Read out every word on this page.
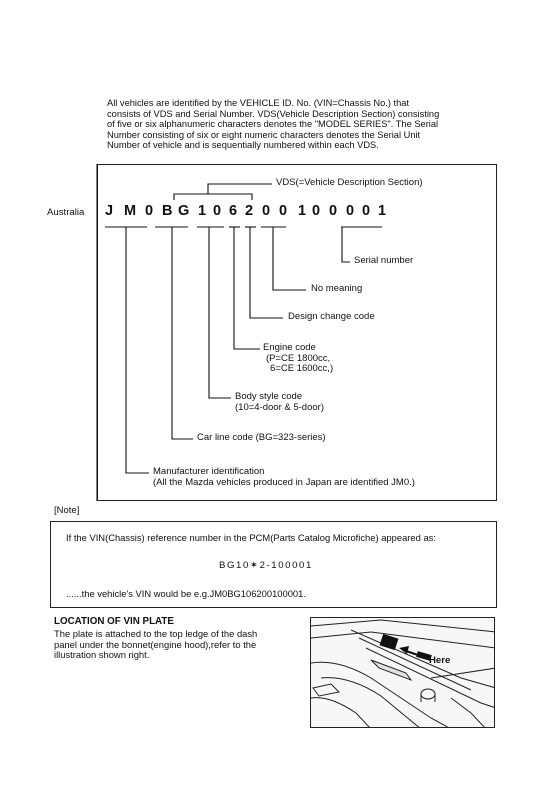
All vehicles are identified by the VEHICLE ID. No. (VIN=Chassis No.) that
consists of VDS and Serial Number. VDS(Vehicle Description Section) consisting
of five or six alphanumeric characters denotes the "MODEL SERIES". The Serial
Number consisting of six or eight numeric characters denotes the Serial Unit
Number of vehicle and is sequentially numbered within each VDS.

Australia J M 0 B G 1 0 6 2 0 0 1 0 0 0 0 1
VDS(=Vehicle Description Section)
Serial number
No meaning
Design change code
Engine code
(P=CE 1800cc,
6=CE 1600cc,)
Body style code
(10=4-door & 5-door)
Car line code (BG=323-series)
Manufacturer identification
(All the Mazda vehicles produced in Japan are identified JM0.)
[Note]
If the VIN(Chassis) reference number in the PCM(Parts Catalog Microfiche) appeared as:
BG10✶2-100001
......the vehicle's VIN would be e.g.JM0BG106200100001.
LOCATION OF VIN PLATE
The plate is attached to the top ledge of the dash
panel under the bonnet(engine hood),refer to the
illustration shown right.
Here
